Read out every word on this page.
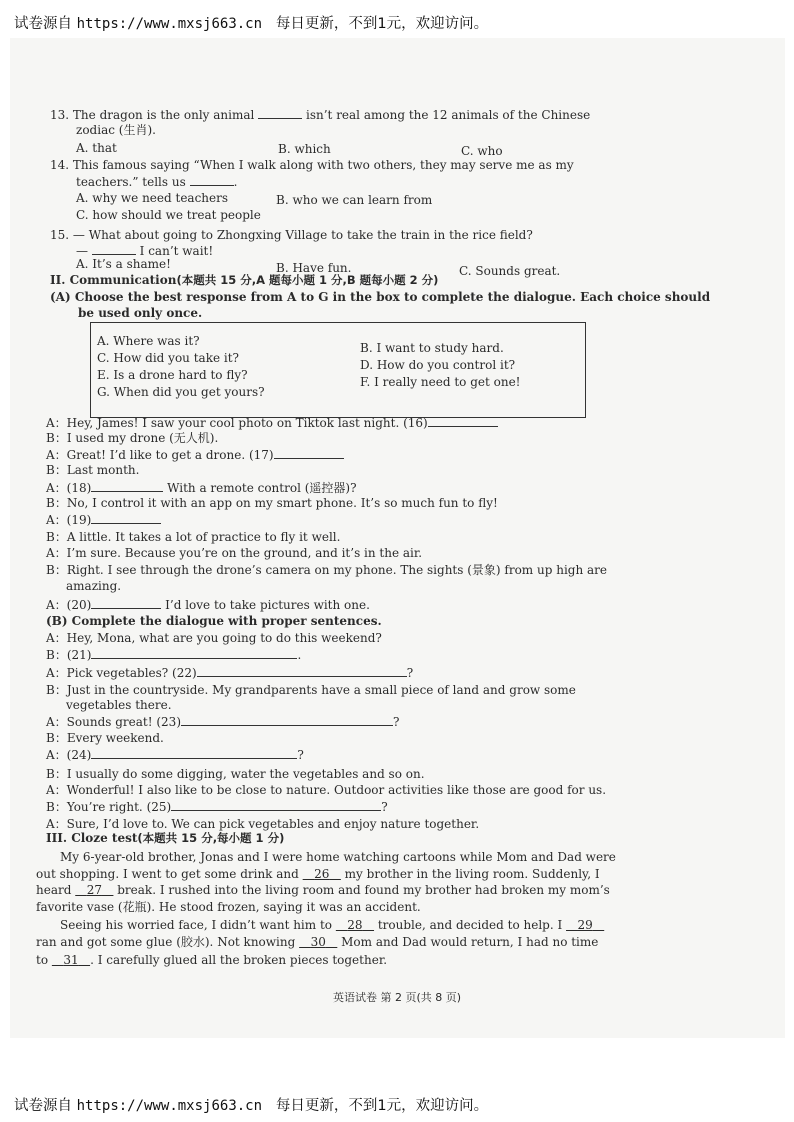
试卷源自 https://www.mxsj663.cn 每日更新，不到1元，欢迎访问。
13. The dragon is the only animal	isn’t real among the 12 animals of the Chinese
zodiac (生肖).
A. that	B. which	C. who
14. This famous saying “When I walk along with two others, they may serve me as my
teachers.” tells us	.
A. why we need teachers	B. who we can learn from
C. how should we treat people
15. — What about going to Zhongxing Village to take the train in the rice field?
—	I can’t wait!
A. It’s a shame!	B. Have fun.	C. Sounds great.
II. Communication(本题共 15 分,A 题每小题 1 分,B 题每小题 2 分)
(A) Choose the best response from A to G in the box to complete the dialogue. Each choice should
be used only once.
A. Where was it?
C. How did you take it?
E. Is a drone hard to fly?
G. When did you get yours?
B. I want to study hard.
D. How do you control it?
F. I really need to get one!
A：Hey, James! I saw your cool photo on Tiktok last night. (16)
B：I used my drone (无人机).
A：Great! I’d like to get a drone. (17)
B：Last month.
A：(18)	With a remote control (遥控器)?
B：No, I control it with an app on my smart phone. It’s so much fun to fly!
A：(19)
B：A little. It takes a lot of practice to fly it well.
A：I’m sure. Because you’re on the ground, and it’s in the air.
B：Right. I see through the drone’s camera on my phone. The sights (景象) from up high are
amazing.
A：(20)	I’d love to take pictures with one.
(B) Complete the dialogue with proper sentences.
A：Hey, Mona, what are you going to do this weekend?
B：(21)	.
A：Pick vegetables? (22)	?
B：Just in the countryside. My grandparents have a small piece of land and grow some
vegetables there.
A：Sounds great! (23)	?
B：Every weekend.
A：(24)	?
B：I usually do some digging, water the vegetables and so on.
A：Wonderful! I also like to be close to nature. Outdoor activities like those are good for us.
B：You’re right. (25)	?
A：Sure, I’d love to. We can pick vegetables and enjoy nature together.
III. Cloze test(本题共 15 分,每小题 1 分)
My 6-year-old brother, Jonas and I were home watching cartoons while Mom and Dad were
out shopping. I went to get some drink and 26 my brother in the living room. Suddenly, I
heard 27 break. I rushed into the living room and found my brother had broken my mom’s
favorite vase (花瓶). He stood frozen, saying it was an accident.
Seeing his worried face, I didn’t want him to 28 trouble, and decided to help. I 29
ran and got some glue (胶水). Not knowing 30 Mom and Dad would return, I had no time
to 31 . I carefully glued all the broken pieces together.
英语试卷 第 2 页(共 8 页)
试卷源自 https://www.mxsj663.cn 每日更新，不到1元，欢迎访问。
